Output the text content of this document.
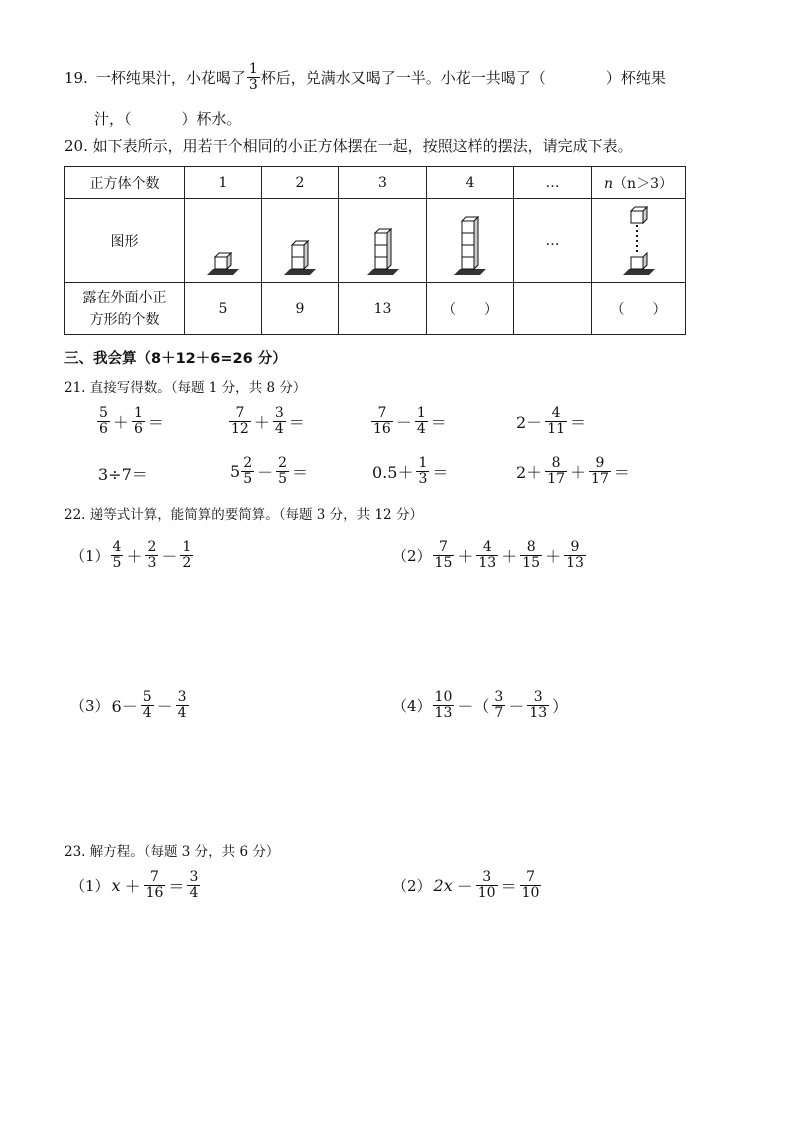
19. 一杯纯果汁，小花喝了 $\frac{1}{3}$ 杯后，兑满水又喝了一半。小花一共喝了（	）杯纯果
汁，（	）杯水。
20. 如下表所示，用若干个相同的小正方体摆在一起，按照这样的摆法，请完成下表。
正方体个数	1	2	3	4	…	n（n＞3）
图形					…	

露在外面小正
方形的个数	5	9	13	（　　）		（　　）
三、我会算（8＋12＋6=26 分）
21. 直接写得数。（每题 1 分，共 8 分）
$\frac{5}{6} + \frac{1}{6}$ ＝	$\frac{7}{12} + \frac{3}{4}$ ＝	$\frac{7}{16} - \frac{1}{4}$ ＝	$2- \frac{4}{11}$ ＝
3÷7＝	$5 \frac{2}{5} - \frac{2}{5}$ ＝	$0.5+ \frac{1}{3}$ ＝	$2+ \frac{8}{17} + \frac{9}{17}$ ＝
22. 递等式计算，能简算的要简算。（每题 3 分，共 12 分）
$(1) \frac{4}{5} + \frac{2}{3} - \frac{1}{2}$	$(2) \frac{7}{15} + \frac{4}{13} + \frac{8}{15} + \frac{9}{13}$
（3） $6- \frac{5}{4} - \frac{3}{4}$	$(4) \frac{10}{13}$ －（ $\frac{3}{7} - \frac{3}{13}$ ）
23. 解方程。（每题 3 分，共 6 分）
（1） $x + \frac{7}{16} = \frac{3}{4}$	（2） $2x - \frac{3}{10} = \frac{7}{10}$
